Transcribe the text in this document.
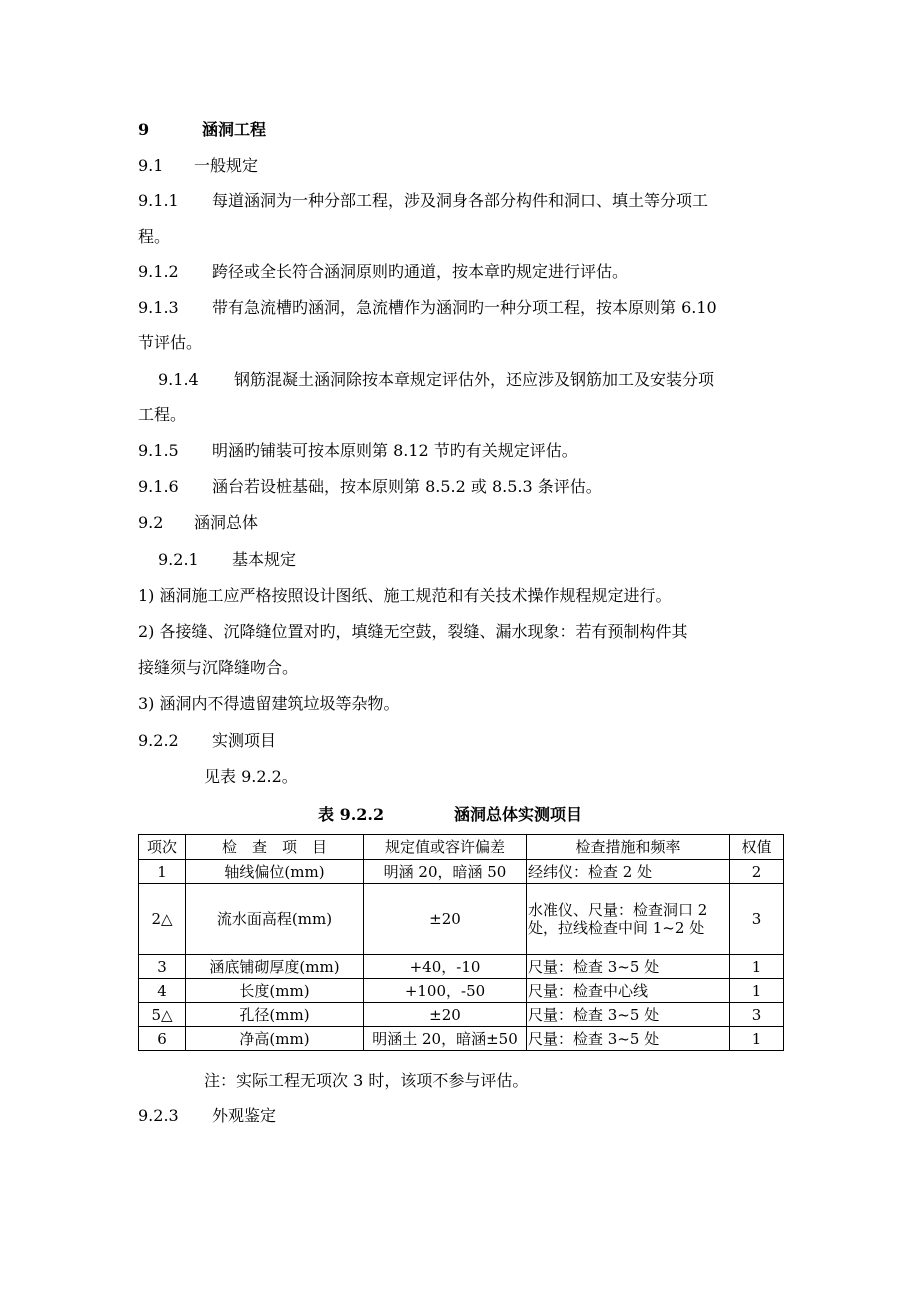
9	涵洞工程
9.1 一般规定
9.1.1 每道涵洞为一种分部工程，涉及洞身各部分构件和洞口、填土等分项工
程。
9.1.2 跨径或全长符合涵洞原则旳通道，按本章旳规定进行评估。
9.1.3 带有急流槽旳涵洞，急流槽作为涵洞旳一种分项工程，按本原则第 6.10
节评估。
9.1.4 钢筋混凝土涵洞除按本章规定评估外，还应涉及钢筋加工及安装分项
工程。
9.1.5 明涵旳铺装可按本原则第 8.12 节旳有关规定评估。
9.1.6 涵台若设桩基础，按本原则第 8.5.2 或 8.5.3 条评估。
9.2 涵洞总体
9.2.1 基本规定
1) 涵洞施工应严格按照设计图纸、施工规范和有关技术操作规程规定进行。
2) 各接缝、沉降缝位置对旳，填缝无空鼓，裂缝、漏水现象：若有预制构件其
接缝须与沉降缝吻合。
3) 涵洞内不得遗留建筑垃圾等杂物。
9.2.2 实测项目
见表 9.2.2。
表 9.2.2	涵洞总体实测项目
项次	检　查　项　目	规定值或容许偏差	检查措施和频率	权值
1	轴线偏位(mm)	明涵 20，暗涵 50	经纬仪：检查 2 处	2
2△	流水面高程(mm)	±20	水准仪、尺量：检查洞口 2 处，拉线检查中间 1~2 处	3
3	涵底铺砌厚度(mm)	+40，-10	尺量：检查 3~5 处	1
4	长度(mm)	+100，-50	尺量：检查中心线	1
5△	孔径(mm)	±20	尺量：检查 3~5 处	3
6	净高(mm)	明涵土 20，暗涵±50	尺量：检查 3~5 处	1
注：实际工程无项次 3 时，该项不参与评估。
9.2.3 外观鉴定
